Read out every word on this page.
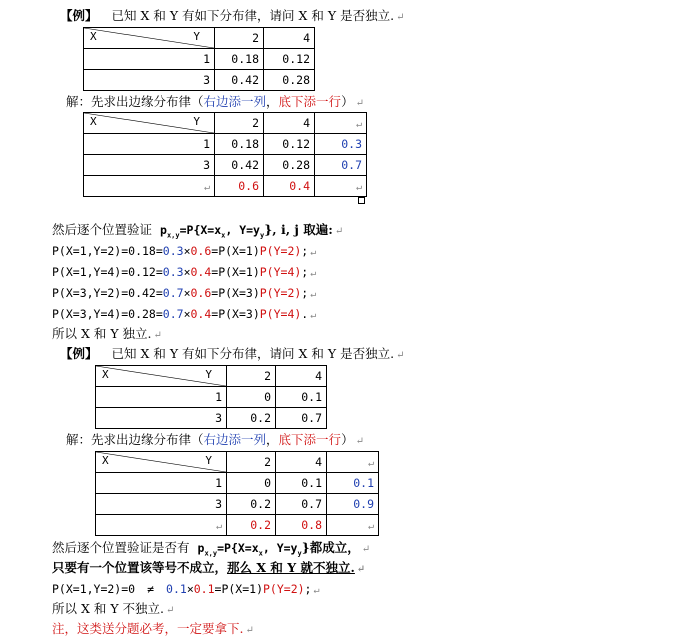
【例】 已知 X 和 Y 有如下分布律，请问 X 和 Y 是否独立. ↵
X Y	2	4
1	0.18	0.12
3	0.42	0.28
解：先求出边缘分布律（右边添一列，底下添一行） ↵
X Y	2	4	↵
1	0.18	0.12	0.3
3	0.42	0.28	0.7
↵	0.6	0.4	↵
然后逐个位置验证 $p_{x,y}=P\{X=x_x$, $Y=y_y$}, i, j 取遍: ↵
P(X=1,Y=2)=0.18=0.3×0.6=P(X=1)P(Y=2); ↵
P(X=1,Y=4)=0.12=0.3×0.4=P(X=1)P(Y=4); ↵
P(X=3,Y=2)=0.42=0.7×0.6=P(X=3)P(Y=2); ↵
P(X=3,Y=4)=0.28=0.7×0.4=P(X=3)P(Y=4). ↵
所以 X 和 Y 独立. ↵
【例】 已知 X 和 Y 有如下分布律，请问 X 和 Y 是否独立. ↵
X Y	2	4
1	0	0.1
3	0.2	0.7
解：先求出边缘分布律（右边添一列，底下添一行） ↵
X Y	2	4	↵
1	0	0.1	0.1
3	0.2	0.7	0.9
↵	0.2	0.8	↵
然后逐个位置验证是否有 $p_{x,y}=P\{X=x_x$, $Y=y_y$}都成立， ↵
只要有一个位置该等号不成立，那么 X 和 Y 就不独立. ↵
P(X=1,Y=2)=0 ≠ 0.1×0.1=P(X=1)P(Y=2); ↵
所以 X 和 Y 不独立. ↵
注，这类送分题必考，一定要拿下. ↵
